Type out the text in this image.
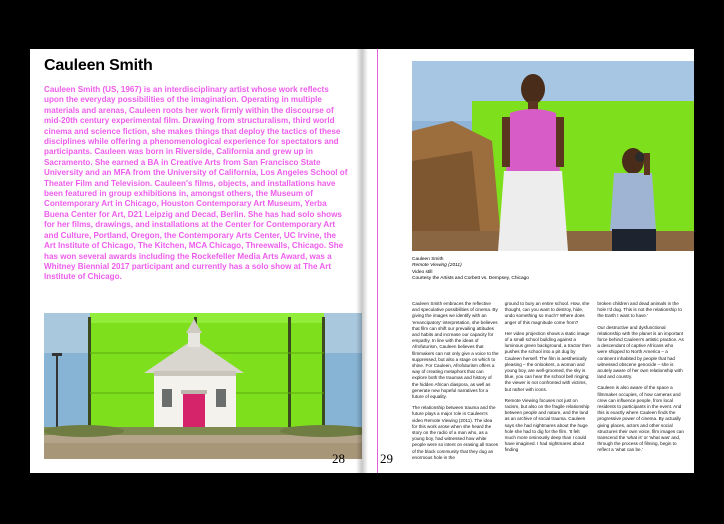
Cauleen Smith

Cauleen Smith (US, 1967) is an interdisciplinary artist whose work reflects upon the everyday possibilities of the imagination. Operating in multiple materials and arenas, Cauleen roots her work firmly within the discourse of mid-20th century experimental film. Drawing from structuralism, third world cinema and science fiction, she makes things that deploy the tactics of these disciplines while offering a phenomenological experience for spectators and participants. Cauleen was born in Riverside, California and grew up in Sacramento. She earned a BA in Creative Arts from San Francisco State University and an MFA from the University of California, Los Angeles School of Theater Film and Television. Cauleen's films, objects, and installations have been featured in group exhibitions in, amongst others, the Museum of Contemporary Art in Chicago, Houston Contemporary Art Museum, Yerba Buena Center for Art, D21 Leipzig and Decad, Berlin. She has had solo shows for her films, drawings, and installations at the Center for Contemporary Art and Culture, Portland, Oregon, the Contemporary Arts Center, UC Irvine, the Art Institute of Chicago, The Kitchen, MCA Chicago, Threewalls, Chicago. She has won several awards including the Rockefeller Media Arts Award, was a Whitney Biennial 2017 participant and currently has a solo show at The Art Institute of Chicago.

Cauleen Smith
Remote Viewing (2011)
Video still
Courtesy the Artists and Corbett vs. Dempsey, Chicago

Cauleen Smith embraces the reflective and speculative possibilities of cinema. By giving the images we identify with an 'emancipatory' interpretation, she believes that film can shift our prevailing attitudes and habits and increase our capacity for empathy. In line with the ideas of Afrofuturism, Cauleen believes that filmmakers can not only give a voice to the suppressed, but also a stage on which to shine. For Cauleen, Afrofuturism offers a way of creating metaphors that can explore both the traumas and history of the hidden African diaspora, as well as generate new hopeful narratives for a future of equality.

The relationship between trauma and the future plays a major role in Cauleen's video Remote Viewing (2011). The idea for this work arose when she heard the story on the radio of a man who, as a young boy, had witnessed how white people were so intent on erasing all traces of the black community that they dug an enormous hole in the

ground to bury an entire school. How, she thought, can you want to destroy, hide, undo something so much? Where does anger of this magnitude come from?

Her video projection shows a static image of a small school building against a luminous green background, a tractor then pushes the school into a pit dug by Cauleen herself. The film is aesthetically pleasing – the onlookers, a woman and young boy, are well-groomed, the sky is blue, you can hear the school bell ringing; the viewer is not confronted with victims, but rather with icons.

Remote Viewing focuses not just on racism, but also on the fragile relationship between people and nature, and the land as an archive of social trauma. Cauleen says she had nightmares about the huge hole she had to dig for the film. 'It felt much more ominously deep than I could have imagined. I had nightmares about finding

broken children and dead animals in the hole I'd dug. This is not the relationship to the Earth I want to have.'

Our destructive and dysfunctional relationship with the planet is an important force behind Cauleen's artistic practice. As a descendant of captive Africans who were shipped to North America – a continent inhabited by people that had witnessed obscene genocide – she is acutely aware of her own relationship with land and country.

Cauleen is also aware of the space a filmmaker occupies, of how cameras and crew can influence people, from local residents to participants in the event. And this is exactly where Cauleen finds the progressive power of cinema. By actually giving places, actors and other social structures their own voice, film images can transcend the 'what is' or 'what was' and, through the process of filming, begin to reflect a 'what can be.'

28	29
